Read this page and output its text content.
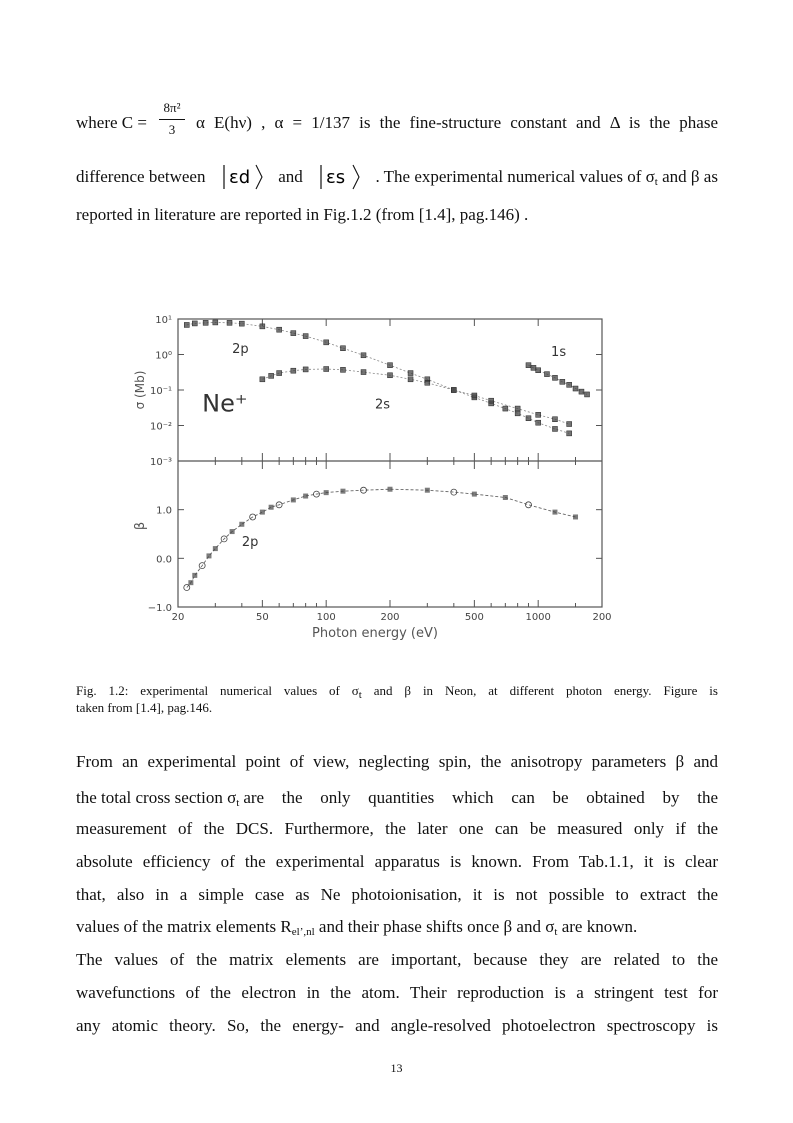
where C =
8π²
3	α E(hν) , α = 1/137 is the fine-structure constant and Δ is the phase
difference between εd and εs . The experimental numerical values of $\sigma_t$ and β as
reported in literature are reported in Fig.1.2 (from [1.4], pag.146) .
10¹
10⁰
10⁻¹
10⁻²
10⁻³
1.0
0.0
−1.0
20	50	100	200	500	1000	200
Photon energy (eV)
σ (Mb)
β
2p	1s
2s
Ne⁺
2p
Fig. 1.2: experimental numerical values of $\sigma_t$ and β in Neon, at different photon energy. Figure is
taken from [1.4], pag.146.
From an experimental point of view, neglecting spin, the anisotropy parameters β and
the total cross section $\sigma_t$ are the only quantities which can be obtained by the
measurement of the DCS. Furthermore, the later one can be measured only if the
absolute efficiency of the experimental apparatus is known. From Tab.1.1, it is clear
that, also in a simple case as Ne photoionisation, it is not possible to extract the
values of the matrix elements $R_{el’,nl}$ and their phase shifts once β and $\sigma_t$ are known.
The values of the matrix elements are important, because they are related to the
wavefunctions of the electron in the atom. Their reproduction is a stringent test for
any atomic theory. So, the energy- and angle-resolved photoelectron spectroscopy is
13
